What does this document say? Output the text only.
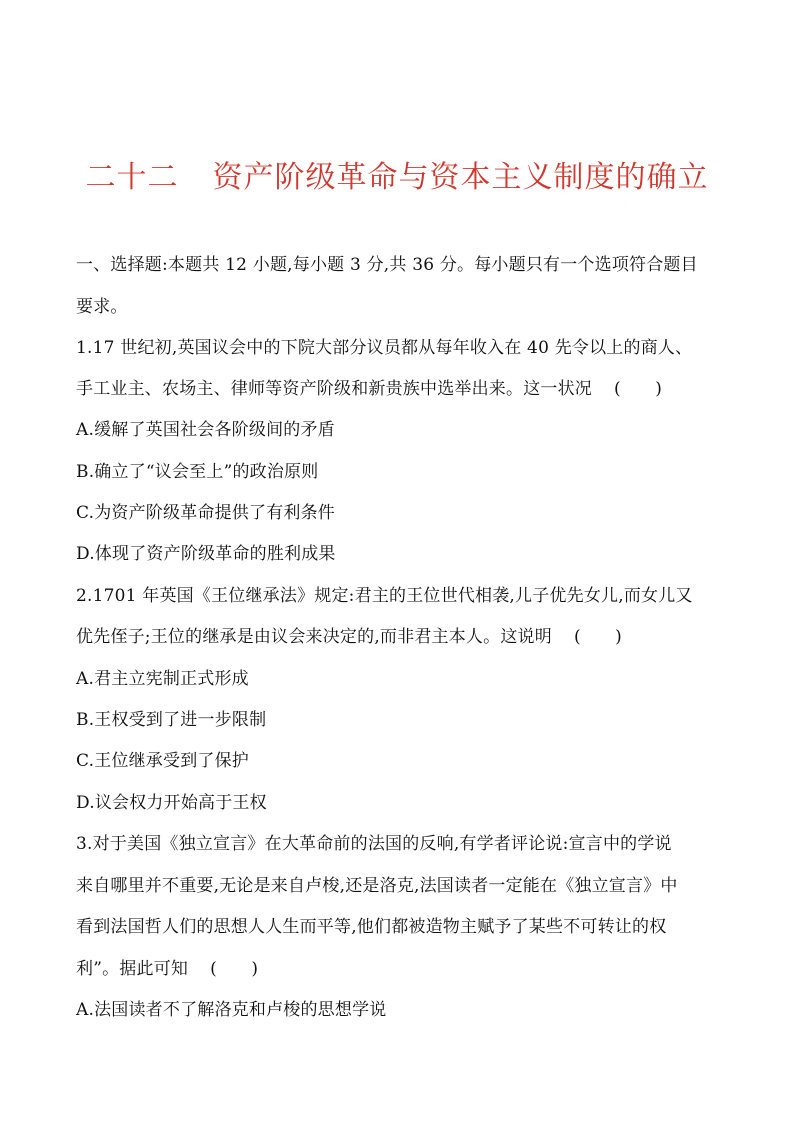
二十二 资产阶级革命与资本主义制度的确立
一、选择题:本题共 12 小题,每小题 3 分,共 36 分。每小题只有一个选项符合题目
要求。
1.17 世纪初,英国议会中的下院大部分议员都从每年收入在 40 先令以上的商人、
手工业主、农场主、律师等资产阶级和新贵族中选举出来。这一状况 (　　)
A.缓解了英国社会各阶级间的矛盾
B.确立了“议会至上”的政治原则
C.为资产阶级革命提供了有利条件
D.体现了资产阶级革命的胜利成果
2.1701 年英国《王位继承法》规定:君主的王位世代相袭,儿子优先女儿,而女儿又
优先侄子;王位的继承是由议会来决定的,而非君主本人。这说明 (　　)
A.君主立宪制正式形成
B.王权受到了进一步限制
C.王位继承受到了保护
D.议会权力开始高于王权
3.对于美国《独立宣言》在大革命前的法国的反响,有学者评论说:宣言中的学说
来自哪里并不重要,无论是来自卢梭,还是洛克,法国读者一定能在《独立宣言》中
看到法国哲人们的思想人人生而平等,他们都被造物主赋予了某些不可转让的权
利”。据此可知 (　　)
A.法国读者不了解洛克和卢梭的思想学说
